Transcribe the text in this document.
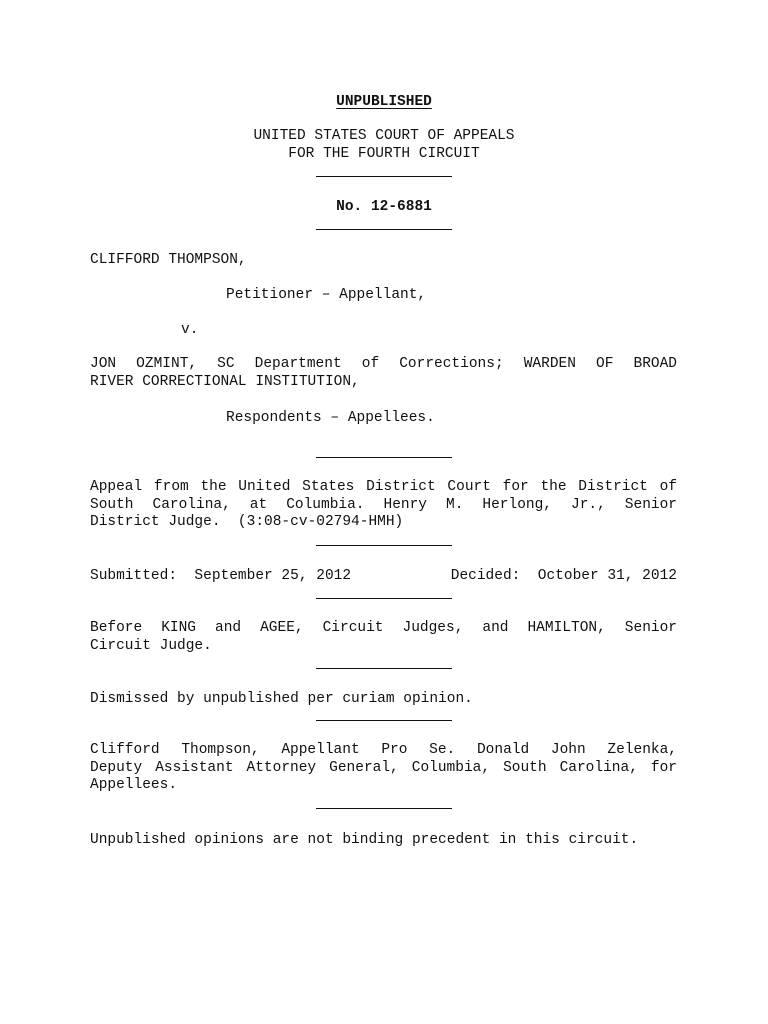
UNPUBLISHED
UNITED STATES COURT OF APPEALS
FOR THE FOURTH CIRCUIT
No. 12-6881
CLIFFORD THOMPSON,
Petitioner – Appellant,
v.
JON OZMINT, SC Department of Corrections; WARDEN OF BROAD
RIVER CORRECTIONAL INSTITUTION,
Respondents – Appellees.
Appeal from the United States District Court for the District of
South Carolina, at Columbia. Henry M. Herlong, Jr., Senior
District Judge.  (3:08-cv-02794-HMH)
Submitted:  September 25, 2012	Decided:  October 31, 2012
Before KING and AGEE, Circuit Judges, and HAMILTON, Senior
Circuit Judge.
Dismissed by unpublished per curiam opinion.
Clifford Thompson, Appellant Pro Se. Donald John Zelenka,
Deputy Assistant Attorney General, Columbia, South Carolina, for
Appellees.
Unpublished opinions are not binding precedent in this circuit.
